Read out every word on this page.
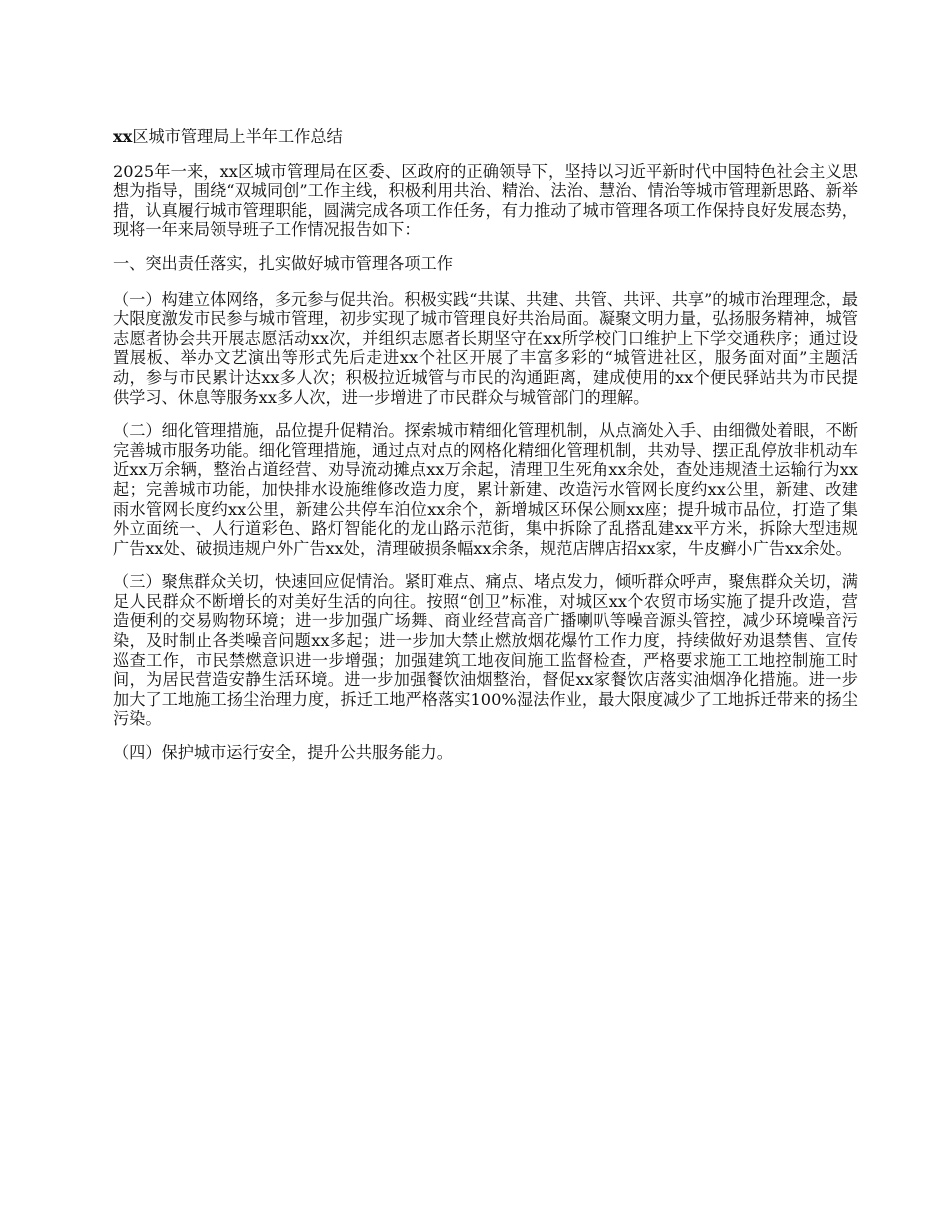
xx区城市管理局上半年工作总结

2025年一来，xx区城市管理局在区委、区政府的正确领导下，坚持以习近平新时代中国特色社会主义思想为指导，围绕“双城同创”工作主线，积极利用共治、精治、法治、慧治、情治等城市管理新思路、新举措，认真履行城市管理职能，圆满完成各项工作任务，有力推动了城市管理各项工作保持良好发展态势，现将一年来局领导班子工作情况报告如下：

一、突出责任落实，扎实做好城市管理各项工作

（一）构建立体网络，多元参与促共治。积极实践“共谋、共建、共管、共评、共享”的城市治理理念，最大限度激发市民参与城市管理，初步实现了城市管理良好共治局面。凝聚文明力量，弘扬服务精神，城管志愿者协会共开展志愿活动xx次，并组织志愿者长期坚守在xx所学校门口维护上下学交通秩序；通过设置展板、举办文艺演出等形式先后走进xx个社区开展了丰富多彩的“城管进社区，服务面对面”主题活动，参与市民累计达xx多人次；积极拉近城管与市民的沟通距离，建成使用的xx个便民驿站共为市民提供学习、休息等服务xx多人次，进一步增进了市民群众与城管部门的理解。

（二）细化管理措施，品位提升促精治。探索城市精细化管理机制，从点滴处入手、由细微处着眼，不断完善城市服务功能。细化管理措施，通过点对点的网格化精细化管理机制，共劝导、摆正乱停放非机动车近xx万余辆，整治占道经营、劝导流动摊点xx万余起，清理卫生死角xx余处，查处违规渣土运输行为xx起；完善城市功能，加快排水设施维修改造力度，累计新建、改造污水管网长度约xx公里，新建、改建雨水管网长度约xx公里，新建公共停车泊位xx余个，新增城区环保公厕xx座；提升城市品位，打造了集外立面统一、人行道彩色、路灯智能化的龙山路示范街，集中拆除了乱搭乱建xx平方米，拆除大型违规广告xx处、破损违规户外广告xx处，清理破损条幅xx余条，规范店牌店招xx家，牛皮癣小广告xx余处。

（三）聚焦群众关切，快速回应促情治。紧盯难点、痛点、堵点发力，倾听群众呼声，聚焦群众关切，满足人民群众不断增长的对美好生活的向往。按照“创卫”标准，对城区xx个农贸市场实施了提升改造，营造便利的交易购物环境；进一步加强广场舞、商业经营高音广播喇叭等噪音源头管控，减少环境噪音污染，及时制止各类噪音问题xx多起；进一步加大禁止燃放烟花爆竹工作力度，持续做好劝退禁售、宣传巡查工作，市民禁燃意识进一步增强；加强建筑工地夜间施工监督检查，严格要求施工工地控制施工时间，为居民营造安静生活环境。进一步加强餐饮油烟整治，督促xx家餐饮店落实油烟净化措施。进一步加大了工地施工扬尘治理力度，拆迁工地严格落实100%湿法作业，最大限度减少了工地拆迁带来的扬尘污染。

（四）保护城市运行安全，提升公共服务能力。
